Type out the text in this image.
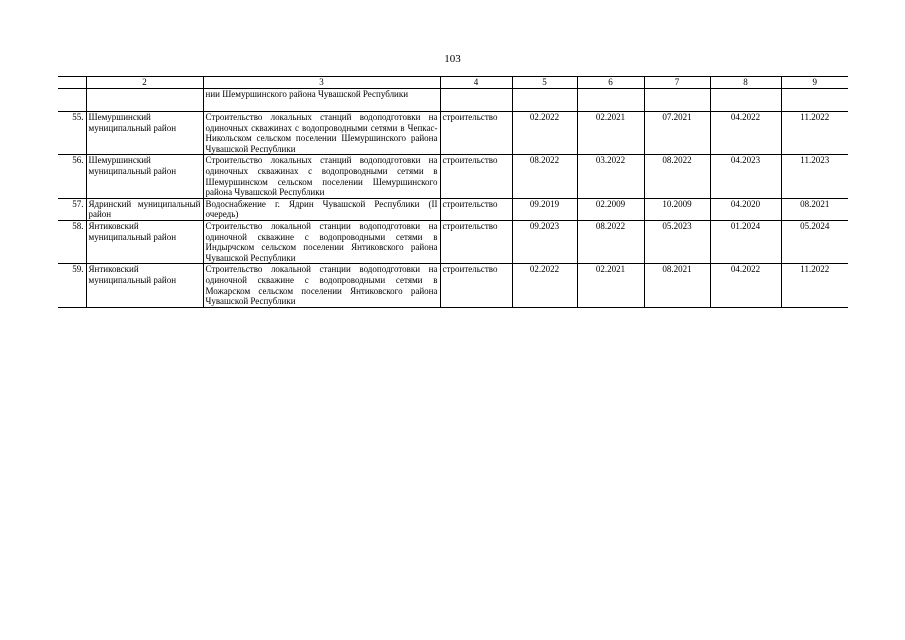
103
	2	3	4	5	6	7	8	9
		нии Шемуршинского района Чувашской Республики						
55.	Шемуршинский муниципальный район	Строительство локальных станций водоподготовки на одиночных скважинах с водопроводными сетями в Чепкас-Никольском сельском поселении Шемуршинского района Чувашской Республики	строительство	02.2022	02.2021	07.2021	04.2022	11.2022
56.	Шемуршинский муниципальный район	Строительство локальных станций водоподготовки на одиночных скважинах с водопроводными сетями в Шемуршинском сельском поселении Шемуршинского района Чувашской Республики	строительство	08.2022	03.2022	08.2022	04.2023	11.2023
57.	Ядринский муниципальный район	Водоснабжение г. Ядрин Чувашской Республики (II очередь)	строительство	09.2019	02.2009	10.2009	04.2020	08.2021
58.	Янтиковский муниципальный район	Строительство локальной станции водоподготовки на одиночной скважине с водопроводными сетями в Индырчском сельском поселении Янтиковского района Чувашской Республики	строительство	09.2023	08.2022	05.2023	01.2024	05.2024
59.	Янтиковский муниципальный район	Строительство локальной станции водоподготовки на одиночной скважине с водопроводными сетями в Можарском сельском поселении Янтиковского района Чувашской Республики	строительство	02.2022	02.2021	08.2021	04.2022	11.2022
